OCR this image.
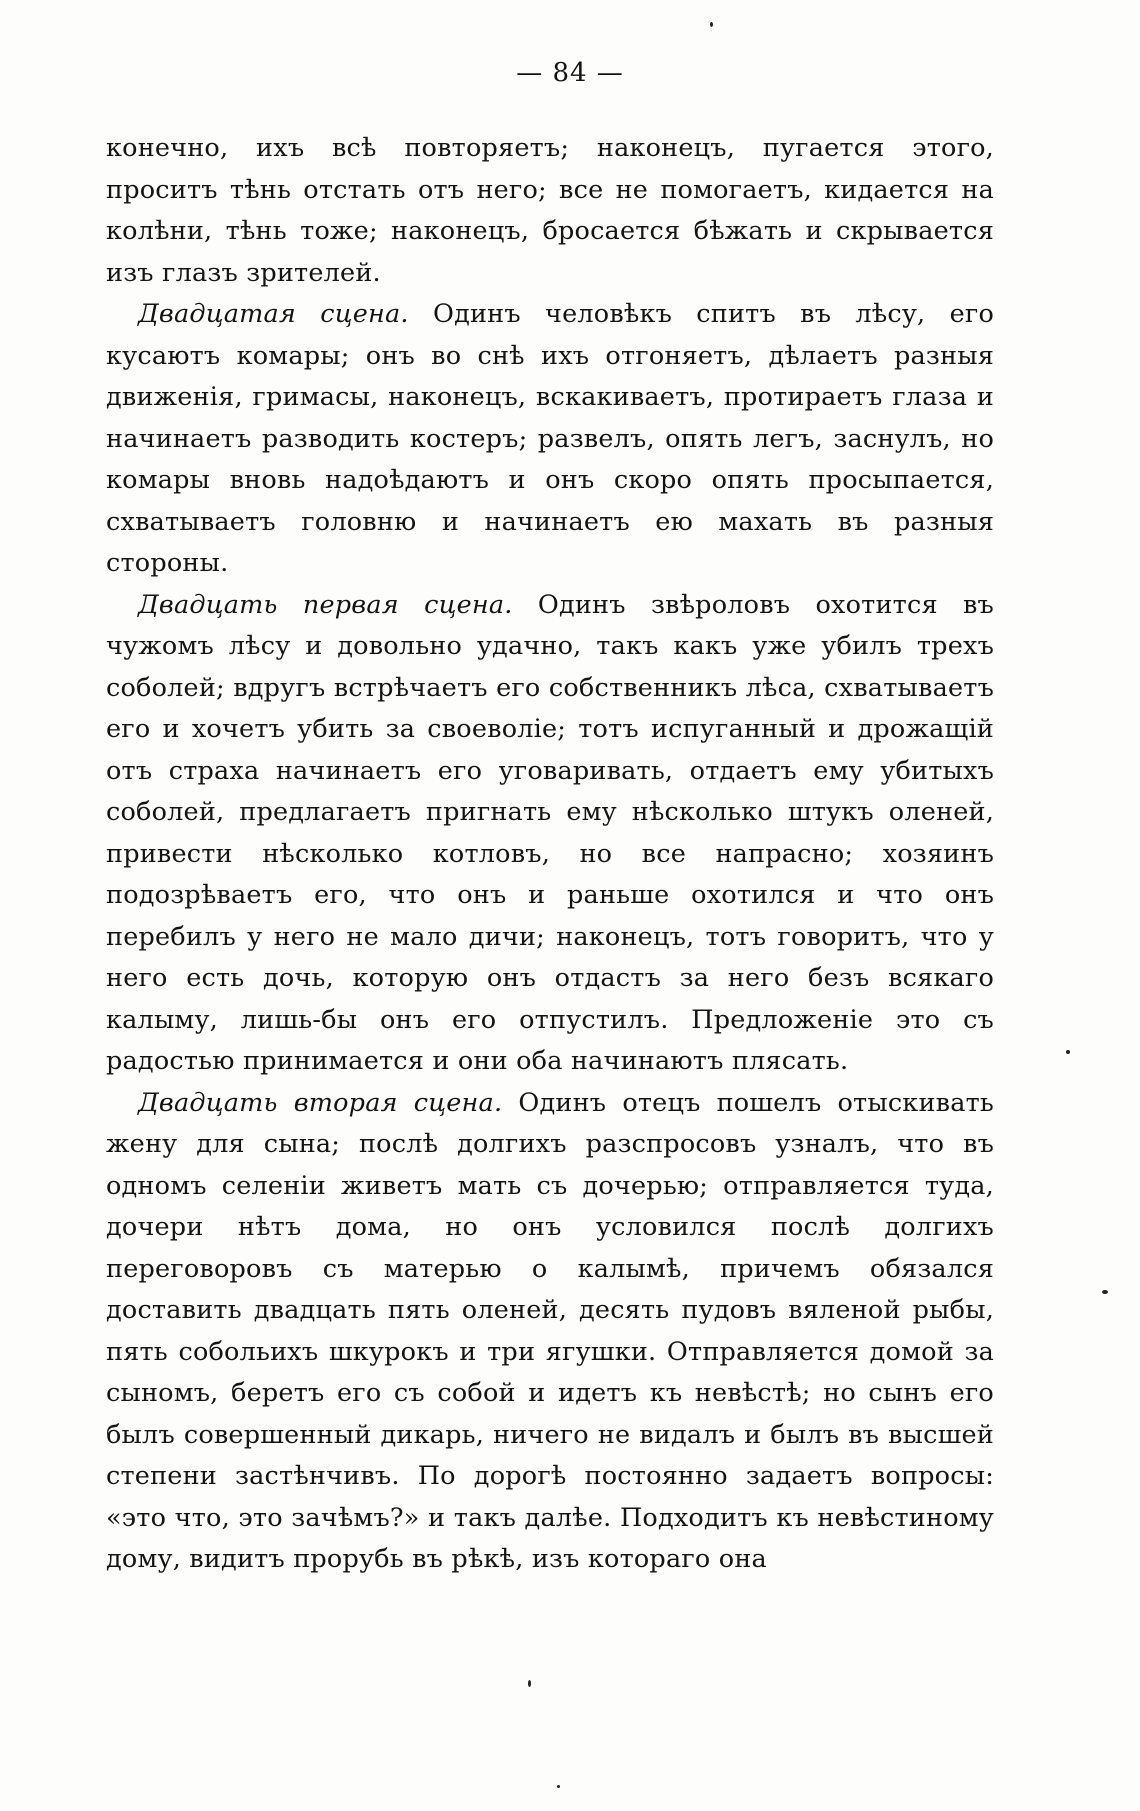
— 84 —

конечно, ихъ всѣ повторяетъ; наконецъ, пугается этого, проситъ тѣнь отстать отъ него; все не помогаетъ, кидается на колѣни, тѣнь тоже; наконецъ, бросается бѣжать и скрывается изъ глазъ зрителей.

Двадцатая сцена. Одинъ человѣкъ спитъ въ лѣсу, его кусаютъ комары; онъ во снѣ ихъ отгоняетъ, дѣлаетъ разныя движенія, гримасы, наконецъ, вскакиваетъ, протираетъ глаза и начинаетъ разводить костеръ; развелъ, опять легъ, заснулъ, но комары вновь надоѣдаютъ и онъ скоро опять просыпается, схватываетъ головню и начинаетъ ею махать въ разныя стороны.

Двадцать первая сцена. Одинъ звѣроловъ охотится въ чужомъ лѣсу и довольно удачно, такъ какъ уже убилъ трехъ соболей; вдругъ встрѣчаетъ его собственникъ лѣса, схватываетъ его и хочетъ убить за своеволіе; тотъ испуганный и дрожащій отъ страха начинаетъ его уговаривать, отдаетъ ему убитыхъ соболей, предлагаетъ пригнать ему нѣсколько штукъ оленей, привести нѣсколько котловъ, но все напрасно; хозяинъ подозрѣваетъ его, что онъ и раньше охотился и что онъ перебилъ у него не мало дичи; наконецъ, тотъ говоритъ, что у него есть дочь, которую онъ отдастъ за него безъ всякаго калыму, лишь-бы онъ его отпустилъ. Предложеніе это съ радостью принимается и они оба начинаютъ плясать.

Двадцать вторая сцена. Одинъ отецъ пошелъ отыскивать жену для сына; послѣ долгихъ разспросовъ узналъ, что въ одномъ селеніи живетъ мать съ дочерью; отправляется туда, дочери нѣтъ дома, но онъ условился послѣ долгихъ переговоровъ съ матерью о калымѣ, причемъ обязался доставить двадцать пять оленей, десять пудовъ вяленой рыбы, пять собольихъ шкурокъ и три ягушки. Отправляется домой за сыномъ, беретъ его съ собой и идетъ къ невѣстѣ; но сынъ его былъ совершенный дикарь, ничего не видалъ и былъ въ высшей степени застѣнчивъ. По дорогѣ постоянно задаетъ вопросы: «это что, это зачѣмъ?» и такъ далѣе. Подходитъ къ невѣстиному дому, видитъ прорубь въ рѣкѣ, изъ котораго она
